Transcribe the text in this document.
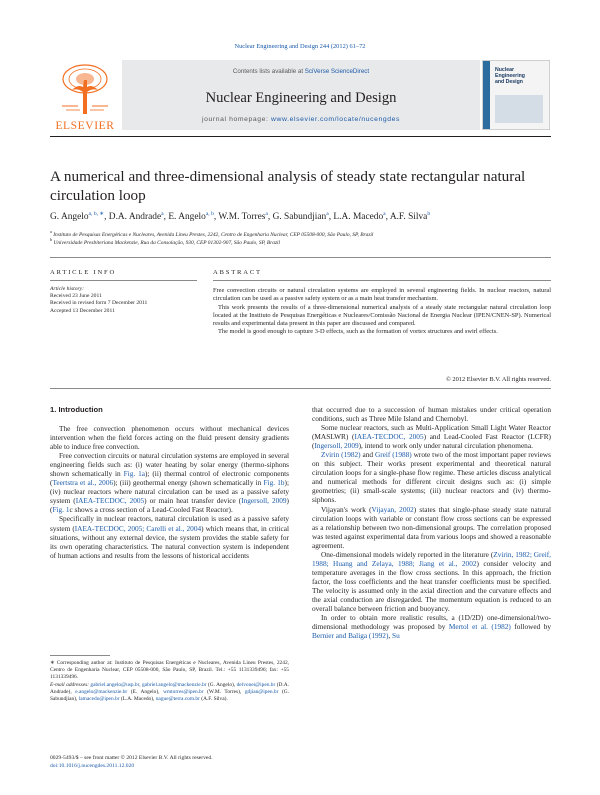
Nuclear Engineering and Design 244 (2012) 61–72
ELSEVIER
Contents lists available at SciVerse ScienceDirect
Nuclear Engineering and Design
journal homepage: www.elsevier.com/locate/nucengdes
Nuclear
Engineering
and Design
A numerical and three-dimensional analysis of steady state rectangular natural
circulation loop
G. Angelo$^{a, b, ∗}$, D.A. Andrade$^a$, E. Angelo$^{a, b}$, W.M. Torres$^a$, G. Sabundjian$^a$, L.A. Macedo$^a$, A.F. Silva$^b$
$^a$ Instituto de Pesquisas Energéticas e Nucleares, Avenida Lineu Prestes, 2242, Centro de Engenharia Nuclear, CEP 05508-000, São Paulo, SP, Brazil
$^b$ Universidade Presbiteriana Mackenzie, Rua da Consolação, 930, CEP 01302-907, São Paulo, SP, Brazil
ARTICLE INFO	ABSTRACT
Article history:
Received 23 June 2011
Received in revised form 7 December 2011
Accepted 13 December 2011

Free convection circuits or natural circulation systems are employed in several engineering fields. In nuclear reactors, natural circulation can be used as a passive safety system or as a main heat transfer mechanism.

This work presents the results of a three-dimensional numerical analysis of a steady state rectangular natural circulation loop located at the Instituto de Pesquisas Energéticas e Nucleares/Comissão Nacional de Energia Nuclear (IPEN/CNEN-SP). Numerical results and experimental data present in this paper are discussed and compared.

The model is good enough to capture 3-D effects, such as the formation of vortex structures and swirl effects.

© 2012 Elsevier B.V. All rights reserved.
1. Introduction

The free convection phenomenon occurs without mechanical devices intervention when the field forces acting on the fluid present density gradients able to induce free convection.

Free convection circuits or natural circulation systems are employed in several engineering fields such as: (i) water heating by solar energy (thermo-siphons shown schematically in Fig. 1a); (ii) thermal control of electronic components (Teertstra et al., 2006); (iii) geothermal energy (shown schematically in Fig. 1b); (iv) nuclear reactors where natural circulation can be used as a passive safety system (IAEA-TECDOC, 2005) or main heat transfer device (Ingersoll, 2009) (Fig. 1c shows a cross section of a Lead-Cooled Fast Reactor).

Specifically in nuclear reactors, natural circulation is used as a passive safety system (IAEA-TECDOC, 2005; Carelli et al., 2004) which means that, in critical situations, without any external device, the system provides the stable safety for its own operating characteristics. The natural convection system is independent of human actions and results from the lessons of historical accidents

∗ Corresponding author at: Instituto de Pesquisas Energéticas e Nucleares, Avenida Lineu Prestes, 2242, Centro de Engenharia Nuclear, CEP 05508-000, São Paulo, SP, Brazil. Tel.: +55 1131339496; fax: +55 1131339496.
E-mail addresses: gabriel.angelo@usp.br, gabriel.angelo@mackenzie.br (G. Angelo), delvonei@ipen.br (D.A. Andrade), e.angelo@mackenzie.br (E. Angelo), wmtorres@ipen.br (W.M. Torres), gdjian@ipen.br (G. Sabundjian), lamacedo@ipen.br (L.A. Macedo), nague@terra.com.br (A.F. Silva).
0029-5493/$ – see front matter © 2012 Elsevier B.V. All rights reserved.
doi:10.1016/j.nucengdes.2011.12.020

that occurred due to a succession of human mistakes under critical operation conditions, such as Three Mile Island and Chernobyl.

Some nuclear reactors, such as Multi-Application Small Light Water Reactor (MASLWR) (IAEA-TECDOC, 2005) and Lead-Cooled Fast Reactor (LCFR) (Ingersoll, 2009), intend to work only under natural circulation phenomena.

Zvirin (1982) and Greif (1988) wrote two of the most important paper reviews on this subject. Their works present experimental and theoretical natural circulation loops for a single-phase flow regime. These articles discuss analytical and numerical methods for different circuit designs such as: (i) simple geometries; (ii) small-scale systems; (iii) nuclear reactors and (iv) thermo-siphons.

Vijayan's work (Vijayan, 2002) states that single-phase steady state natural circulation loops with variable or constant flow cross sections can be expressed as a relationship between two non-dimensional groups. The correlation proposed was tested against experimental data from various loops and showed a reasonable agreement.

One-dimensional models widely reported in the literature (Zvirin, 1982; Greif, 1988; Huang and Zelaya, 1988; Jiang et al., 2002) consider velocity and temperature averages in the flow cross sections. In this approach, the friction factor, the loss coefficients and the heat transfer coefficients must be specified. The velocity is assumed only in the axial direction and the curvature effects and the axial conduction are disregarded. The momentum equation is reduced to an overall balance between friction and buoyancy.

In order to obtain more realistic results, a (1D/2D) one-dimensional/two-dimensional methodology was proposed by Mertol et al. (1982) followed by Bernier and Baliga (1992), Su
